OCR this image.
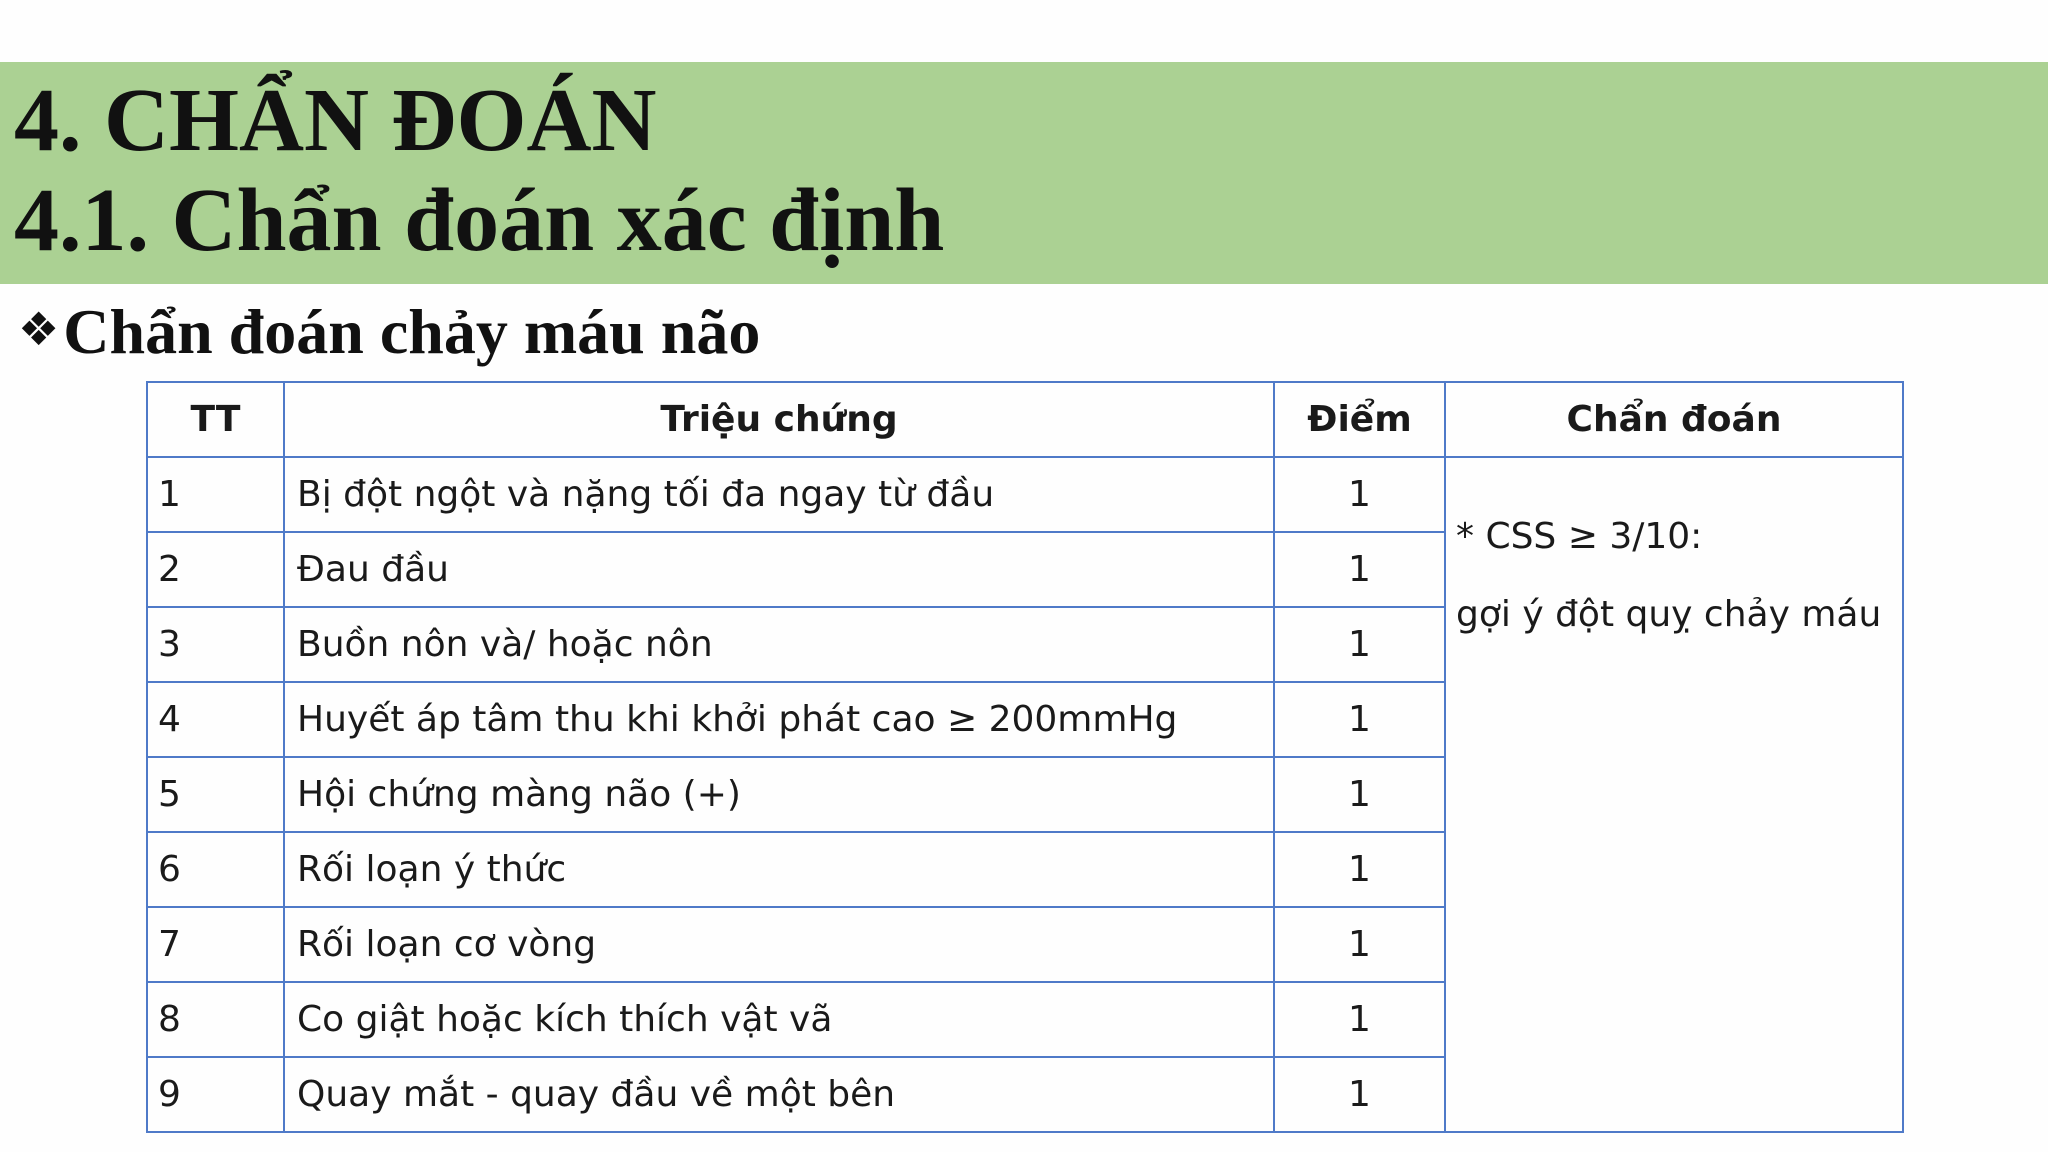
4. CHẨN ĐOÁN
4.1. Chẩn đoán xác định
❖Chẩn đoán chảy máu não
TT	Triệu chứng	Điểm	Chẩn đoán
1	Bị đột ngột và nặng tối đa ngay từ đầu	1	* CSS ≥ 3/10:
gợi ý đột quỵ chảy máu

2	Đau đầu	1	
3	Buồn nôn và/ hoặc nôn	1	
4	Huyết áp tâm thu khi khởi phát cao ≥ 200mmHg	1	
5	Hội chứng màng não (+)	1	
6	Rối loạn ý thức	1	
7	Rối loạn cơ vòng	1	
8	Co giật hoặc kích thích vật vã	1	
9	Quay mắt - quay đầu về một bên	1	
